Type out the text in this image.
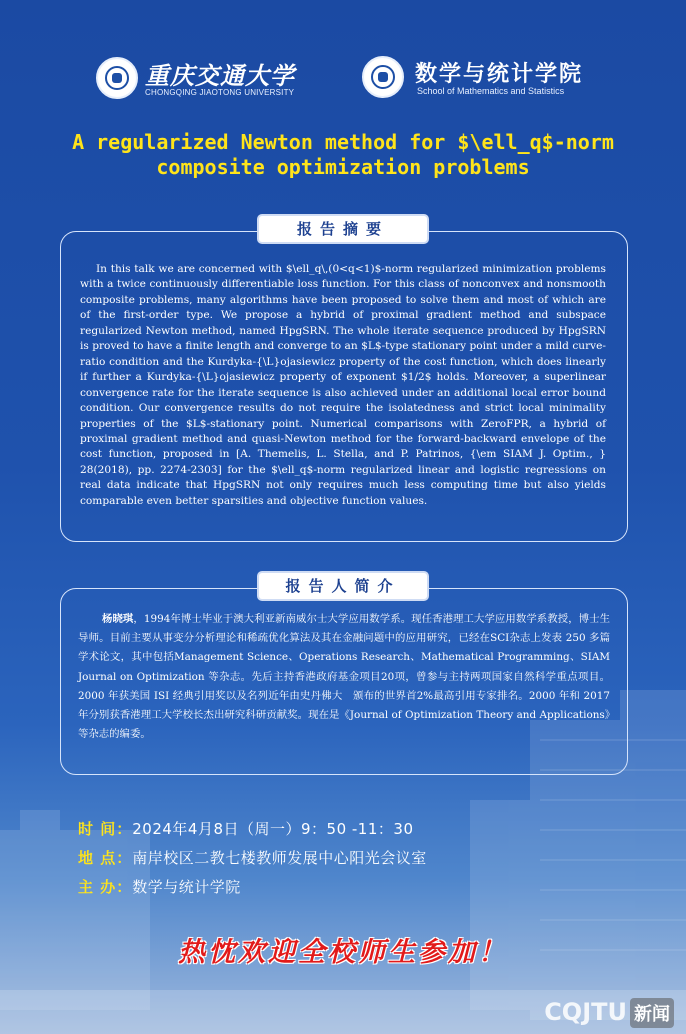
重庆交通大学
CHONGQING JIAOTONG UNIVERSITY
数学与统计学院
School of Mathematics and Statistics
A regularized Newton method for $\ell_q$-norm composite optimization problems
报告摘要
In this talk we are concerned with $\ell_q\,(0<q<1)$-norm regularized minimization problems with a twice continuously differentiable loss function. For this class of nonconvex and nonsmooth composite problems, many algorithms have been proposed to solve them and most of which are of the first-order type. We propose a hybrid of proximal gradient method and subspace regularized Newton method, named HpgSRN. The whole iterate sequence produced by HpgSRN is proved to have a finite length and converge to an $L$-type stationary point under a mild curve-ratio condition and the Kurdyka-{\L}ojasiewicz property of the cost function, which does linearly if further a Kurdyka-{\L}ojasiewicz property of exponent $1/2$ holds. Moreover, a superlinear convergence rate for the iterate sequence is also achieved under an additional local error bound condition. Our convergence results do not require the isolatedness and strict local minimality properties of the $L$-stationary point. Numerical comparisons with ZeroFPR, a hybrid of proximal gradient method and quasi-Newton method for the forward-backward envelope of the cost function, proposed in [A. Themelis, L. Stella, and P. Patrinos, {\em SIAM J. Optim., } 28(2018), pp. 2274-2303] for the $\ell_q$-norm regularized linear and logistic regressions on real data indicate that HpgSRN not only requires much less computing time but also yields comparable even better sparsities and objective function values.
报告人简介
杨晓琪，1994年博士毕业于澳大利亚新南威尔士大学应用数学系。现任香港理工大学应用数学系教授，博士生导师。目前主要从事变分分析理论和稀疏优化算法及其在金融问题中的应用研究，已经在SCI杂志上发表 250 多篇学术论文，其中包括Management Science、Operations Research、Mathematical Programming、SIAM Journal on Optimization 等杂志。先后主持香港政府基金项目20项，曾参与主持两项国家自然科学重点项目。2000 年获美国 ISI 经典引用奖以及名列近年由史丹佛大　颁布的世界首2%最高引用专家排名。2000 年和 2017年分别获香港理工大学校长杰出研究科研贡献奖。现在是《Journal of Optimization Theory and Applications》等杂志的编委。
时 间：2024年4月8日（周一）9：50 -11：30
地 点：南岸校区二教七楼教师发展中心阳光会议室
主 办：数学与统计学院
热忱欢迎全校师生参加！
CQJTU 新闻
